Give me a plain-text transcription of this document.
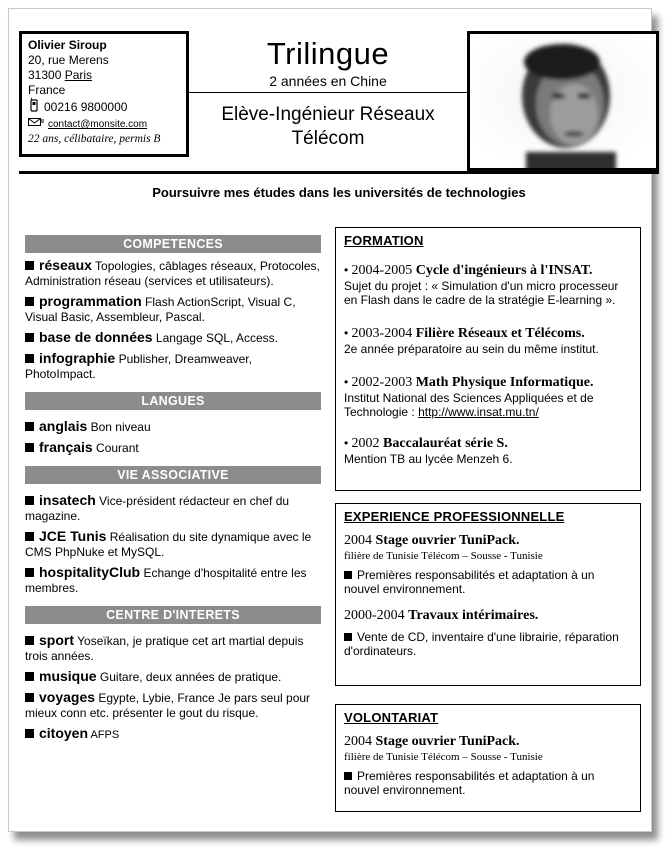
Olivier Siroup
20, rue Merens
31300 Paris
France
00216 9800000
contact@monsite.com
22 ans, célibataire, permis B
Trilingue
2 années en Chine
Elève-Ingénieur Réseaux
Télécom
Poursuivre mes études dans les universités de technologies
COMPETENCES
réseaux Topologies, câblages réseaux, Protocoles, Administration réseau (services et utilisateurs).
programmation Flash ActionScript, Visual C, Visual Basic, Assembleur, Pascal.
base de données Langage SQL, Access.
infographie Publisher, Dreamweaver, PhotoImpact.
LANGUES
anglais Bon niveau
français Courant
VIE ASSOCIATIVE
insatech Vice-président rédacteur en chef du magazine.
JCE Tunis Réalisation du site dynamique avec le CMS PhpNuke et MySQL.
hospitalityClub Echange d'hospitalité entre les membres.
CENTRE D'INTERETS
sport Yoseïkan, je pratique cet art martial depuis trois années.
musique Guitare, deux années de pratique.
voyages Egypte, Lybie, France Je pars seul pour mieux conn etc. présenter le gout du risque.
citoyen AFPS
FORMATION
• 2004-2005 Cycle d'ingénieurs à l'INSAT.
Sujet du projet : « Simulation d'un micro processeur en Flash dans le cadre de la stratégie E-learning ».
• 2003-2004 Filière Réseaux et Télécoms.
2e année préparatoire au sein du même institut.
• 2002-2003 Math Physique Informatique.
Institut National des Sciences Appliquées et de Technologie : http://www.insat.mu.tn/
• 2002 Baccalauréat série S.
Mention TB au lycée Menzeh 6.
EXPERIENCE PROFESSIONNELLE
2004 Stage ouvrier TuniPack.
filière de Tunisie Télécom – Sousse - Tunisie
Premières responsabilités et adaptation à un nouvel environnement.
2000-2004 Travaux intérimaires.
Vente de CD, inventaire d'une librairie, réparation d'ordinateurs.
VOLONTARIAT
2004 Stage ouvrier TuniPack.
filière de Tunisie Télécom – Sousse - Tunisie
Premières responsabilités et adaptation à un nouvel environnement.
